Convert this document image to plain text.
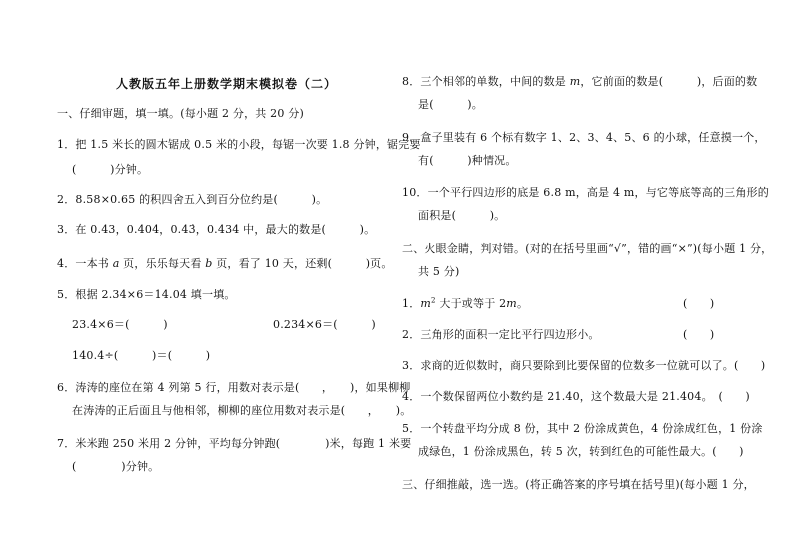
人教版五年上册数学期末模拟卷（二）
一、仔细审题，填一填。(每小题 2 分，共 20 分)
1．把 1.5 米长的圆木锯成 0.5 米的小段，每锯一次要 1.8 分钟，锯完要
(　　　)分钟。
2．8.58×0.65 的积四舍五入到百分位约是(　　　)。
3．在 0.43，0.404，0.43̇，0.434 中，最大的数是(　　　)。
4．一本书 a 页，乐乐每天看 b 页，看了 10 天，还剩(　　　)页。
5．根据 2.34×6＝14.04 填一填。
23.4×6＝(　　　)	0.234×6＝(　　　)
140.4÷(　　　)＝(　　　)
6．涛涛的座位在第 4 列第 5 行，用数对表示是(　　，　　)，如果柳柳
在涛涛的正后面且与他相邻，柳柳的座位用数对表示是(　　，　　)。
7．米米跑 250 米用 2 分钟，平均每分钟跑(　　　　)米，每跑 1 米要
(　　　　)分钟。
8．三个相邻的单数，中间的数是 m，它前面的数是(　　　)，后面的数
是(　　　)。
9．盒子里装有 6 个标有数字 1、2、3、4、5、6 的小球，任意摸一个，
有(　　　)种情况。
10．一个平行四边形的底是 6.8 m，高是 4 m，与它等底等高的三角形的
面积是(　　　)。
二、火眼金睛，判对错。(对的在括号里画“√”，错的画“×”)(每小题 1 分，
共 5 分)
1．$m^2$ 大于或等于 2m。	(　　)
2．三角形的面积一定比平行四边形小。	(　　)
3．求商的近似数时，商只要除到比要保留的位数多一位就可以了。(　　)
4．一个数保留两位小数约是 21.40，这个数最大是 21.404。　(　　)
5．一个转盘平均分成 8 份，其中 2 份涂成黄色，4 份涂成红色，1 份涂
成绿色，1 份涂成黑色，转 5 次，转到红色的可能性最大。(　　)
三、仔细推敲，选一选。(将正确答案的序号填在括号里)(每小题 1 分，
